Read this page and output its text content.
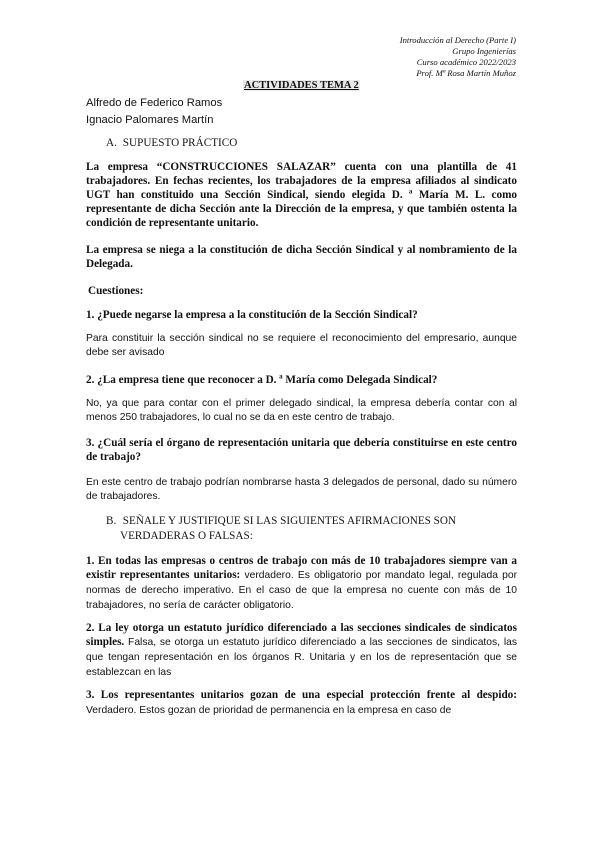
Introducción al Derecho (Parte I)
Grupo Ingenierías
Curso académico 2022/2023
Prof. Mª Rosa Martín Muñoz
ACTIVIDADES TEMA 2
Alfredo de Federico Ramos
Ignacio Palomares Martín
A. SUPUESTO PRÁCTICO

La empresa “CONSTRUCCIONES SALAZAR” cuenta con una plantilla de 41 trabajadores. En fechas recientes, los trabajadores de la empresa afiliados al sindicato UGT han constituido una Sección Sindical, siendo elegida D. ª María M. L. como representante de dicha Sección ante la Dirección de la empresa, y que también ostenta la condición de representante unitario.

La empresa se niega a la constitución de dicha Sección Sindical y al nombramiento de la Delegada.

Cuestiones:

1. ¿Puede negarse la empresa a la constitución de la Sección Sindical?

Para constituir la sección sindical no se requiere el reconocimiento del empresario, aunque debe ser avisado

2. ¿La empresa tiene que reconocer a D. ª María como Delegada Sindical?

No, ya que para contar con el primer delegado sindical, la empresa debería contar con al menos 250 trabajadores, lo cual no se da en este centro de trabajo.

3. ¿Cuál sería el órgano de representación unitaria que debería constituirse en este centro de trabajo?

En este centro de trabajo podrían nombrarse hasta 3 delegados de personal, dado su número de trabajadores.

B. SEÑALE Y JUSTIFIQUE SI LAS SIGUIENTES AFIRMACIONES SON
VERDADERAS O FALSAS:

1. En todas las empresas o centros de trabajo con más de 10 trabajadores siempre van a existir representantes unitarios: verdadero. Es obligatorio por mandato legal, regulada por normas de derecho imperativo. En el caso de que la empresa no cuente con más de 10 trabajadores, no sería de carácter obligatorio.

2. La ley otorga un estatuto jurídico diferenciado a las secciones sindicales de sindicatos simples. Falsa, se otorga un estatuto jurídico diferenciado a las secciones de sindicatos, las que tengan representación en los órganos R. Unitaria y en los de representación que se establezcan en las

3. Los representantes unitarios gozan de una especial protección frente al despido: Verdadero. Estos gozan de prioridad de permanencia en la empresa en caso de
